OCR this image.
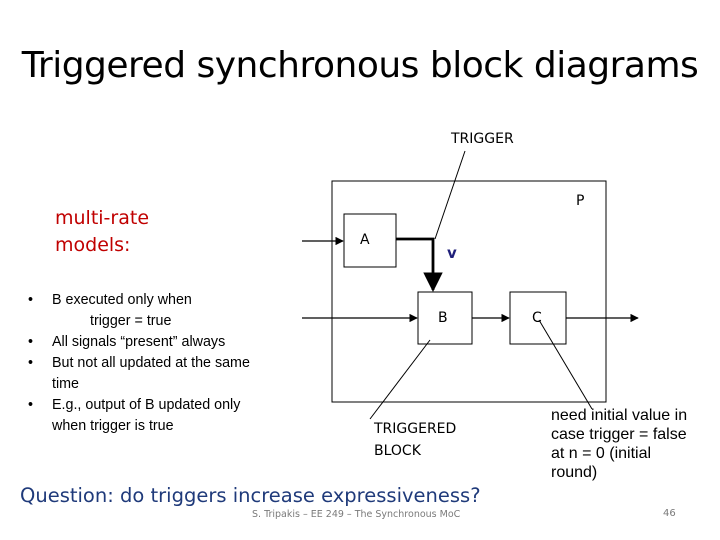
Triggered synchronous block diagrams
multi-rate models:
• B executed only when
trigger = true
• All signals “present” always
• But not all updated at the same time
• E.g., output of B updated only when trigger is true
TRIGGER
P
A
v
B	C
TRIGGERED BLOCK
need initial value in case trigger = false at n = 0 (initial round)
Question: do triggers increase expressiveness?
S. Tripakis – EE 249 – The Synchronous MoC	46
